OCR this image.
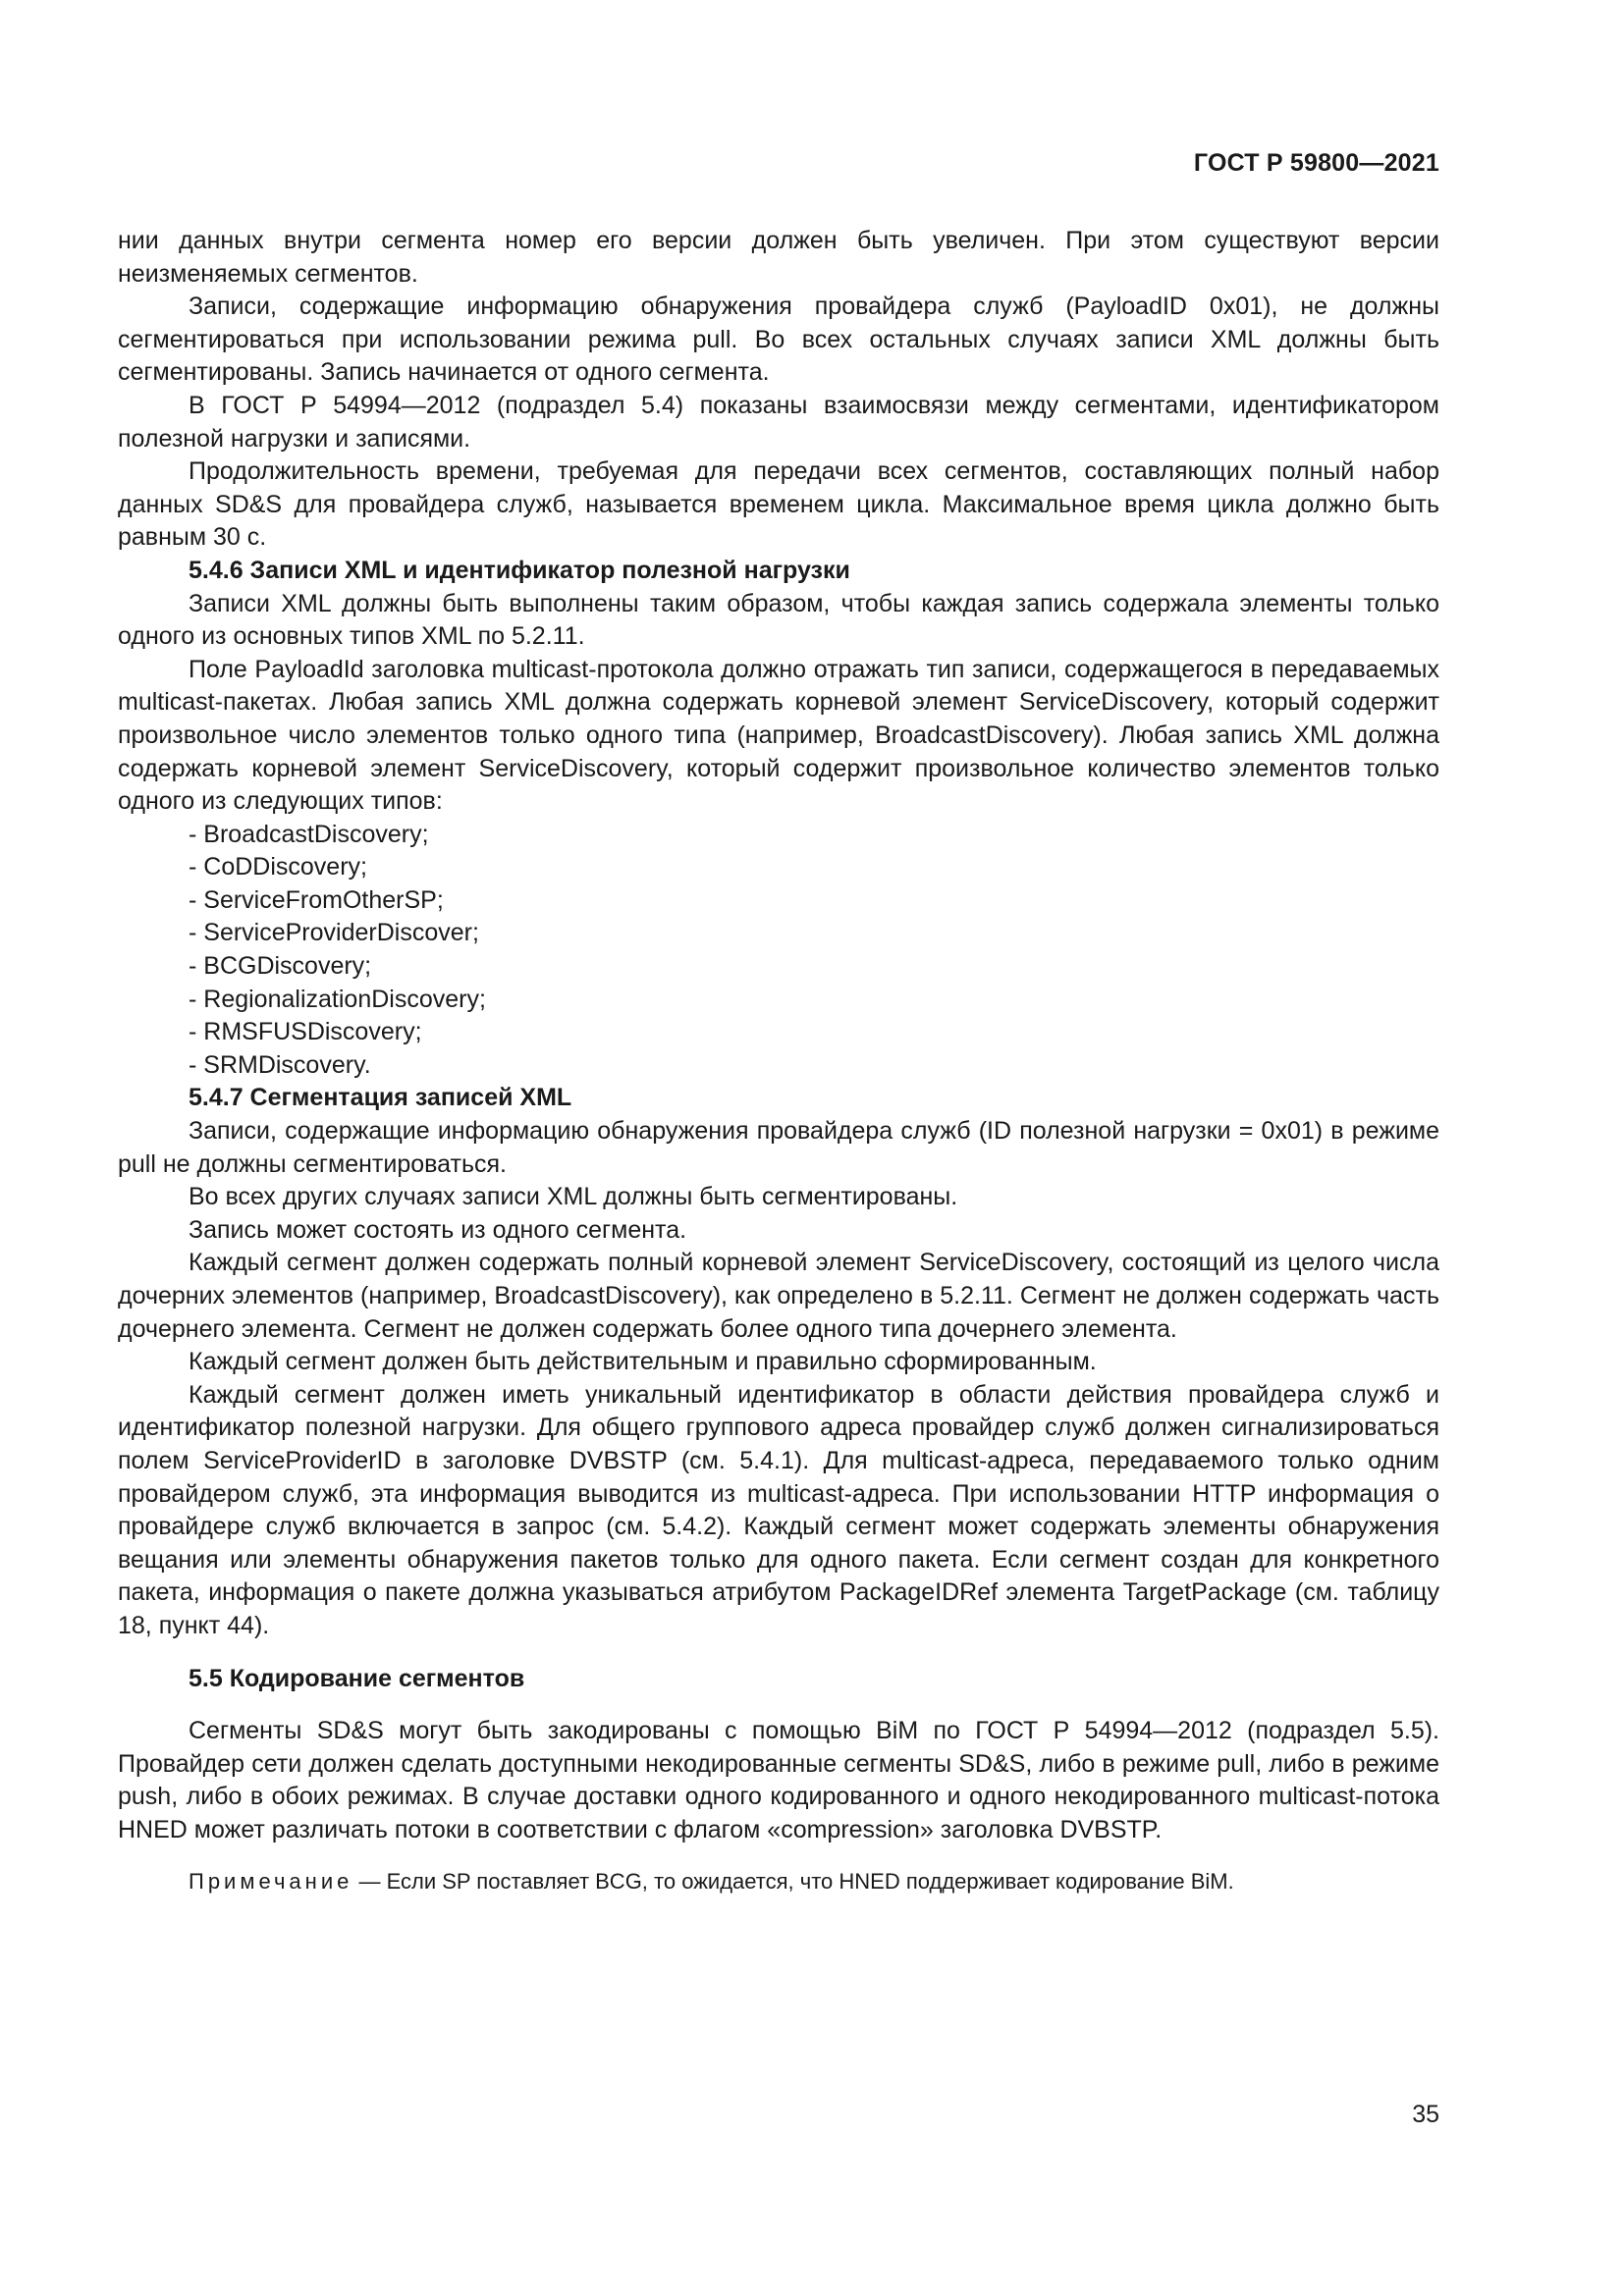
ГОСТ Р 59800—2021

нии данных внутри сегмента номер его версии должен быть увеличен. При этом существуют версии неизменяемых сегментов.

Записи, содержащие информацию обнаружения провайдера служб (PayloadID 0x01), не должны сегментироваться при использовании режима pull. Во всех остальных случаях записи XML должны быть сегментированы. Запись начинается от одного сегмента.

В ГОСТ Р 54994—2012 (подраздел 5.4) показаны взаимосвязи между сегментами, идентификатором полезной нагрузки и записями.

Продолжительность времени, требуемая для передачи всех сегментов, составляющих полный набор данных SD&S для провайдера служб, называется временем цикла. Максимальное время цикла должно быть равным 30 с.

5.4.6 Записи XML и идентификатор полезной нагрузки

Записи XML должны быть выполнены таким образом, чтобы каждая запись содержала элементы только одного из основных типов XML по 5.2.11.

Поле PayloadId заголовка multicast-протокола должно отражать тип записи, содержащегося в передаваемых multicast-пакетах. Любая запись XML должна содержать корневой элемент ServiceDiscovery, который содержит произвольное число элементов только одного типа (например, BroadcastDiscovery). Любая запись XML должна содержать корневой элемент ServiceDiscovery, который содержит произвольное количество элементов только одного из следующих типов:

- BroadcastDiscovery;

- CoDDiscovery;

- ServiceFromOtherSP;

- ServiceProviderDiscover;

- BCGDiscovery;

- RegionalizationDiscovery;

- RMSFUSDiscovery;

- SRMDiscovery.

5.4.7 Сегментация записей XML

Записи, содержащие информацию обнаружения провайдера служб (ID полезной нагрузки = 0x01) в режиме pull не должны сегментироваться.

Во всех других случаях записи XML должны быть сегментированы.

Запись может состоять из одного сегмента.

Каждый сегмент должен содержать полный корневой элемент ServiceDiscovery, состоящий из целого числа дочерних элементов (например, BroadcastDiscovery), как определено в 5.2.11. Сегмент не должен содержать часть дочернего элемента. Сегмент не должен содержать более одного типа дочернего элемента.

Каждый сегмент должен быть действительным и правильно сформированным.

Каждый сегмент должен иметь уникальный идентификатор в области действия провайдера служб и идентификатор полезной нагрузки. Для общего группового адреса провайдер служб должен сигнализироваться полем ServiceProviderID в заголовке DVBSTP (см. 5.4.1). Для multicast-адреса, передаваемого только одним провайдером служб, эта информация выводится из multicast-адреса. При использовании HTTP информация о провайдере служб включается в запрос (см. 5.4.2). Каждый сегмент может содержать элементы обнаружения вещания или элементы обнаружения пакетов только для одного пакета. Если сегмент создан для конкретного пакета, информация о пакете должна указываться атрибутом PackageIDRef элемента TargetPackage (см. таблицу 18, пункт 44).

5.5 Кодирование сегментов

Сегменты SD&S могут быть закодированы с помощью BiM по ГОСТ Р 54994—2012 (подраздел 5.5). Провайдер сети должен сделать доступными некодированные сегменты SD&S, либо в режиме pull, либо в режиме push, либо в обоих режимах. В случае доставки одного кодированного и одного некодированного multicast-потока HNED может различать потоки в соответствии с флагом «compression» заголовка DVBSTP.

Примечание — Если SP поставляет BCG, то ожидается, что HNED поддерживает кодирование BiM.

35
